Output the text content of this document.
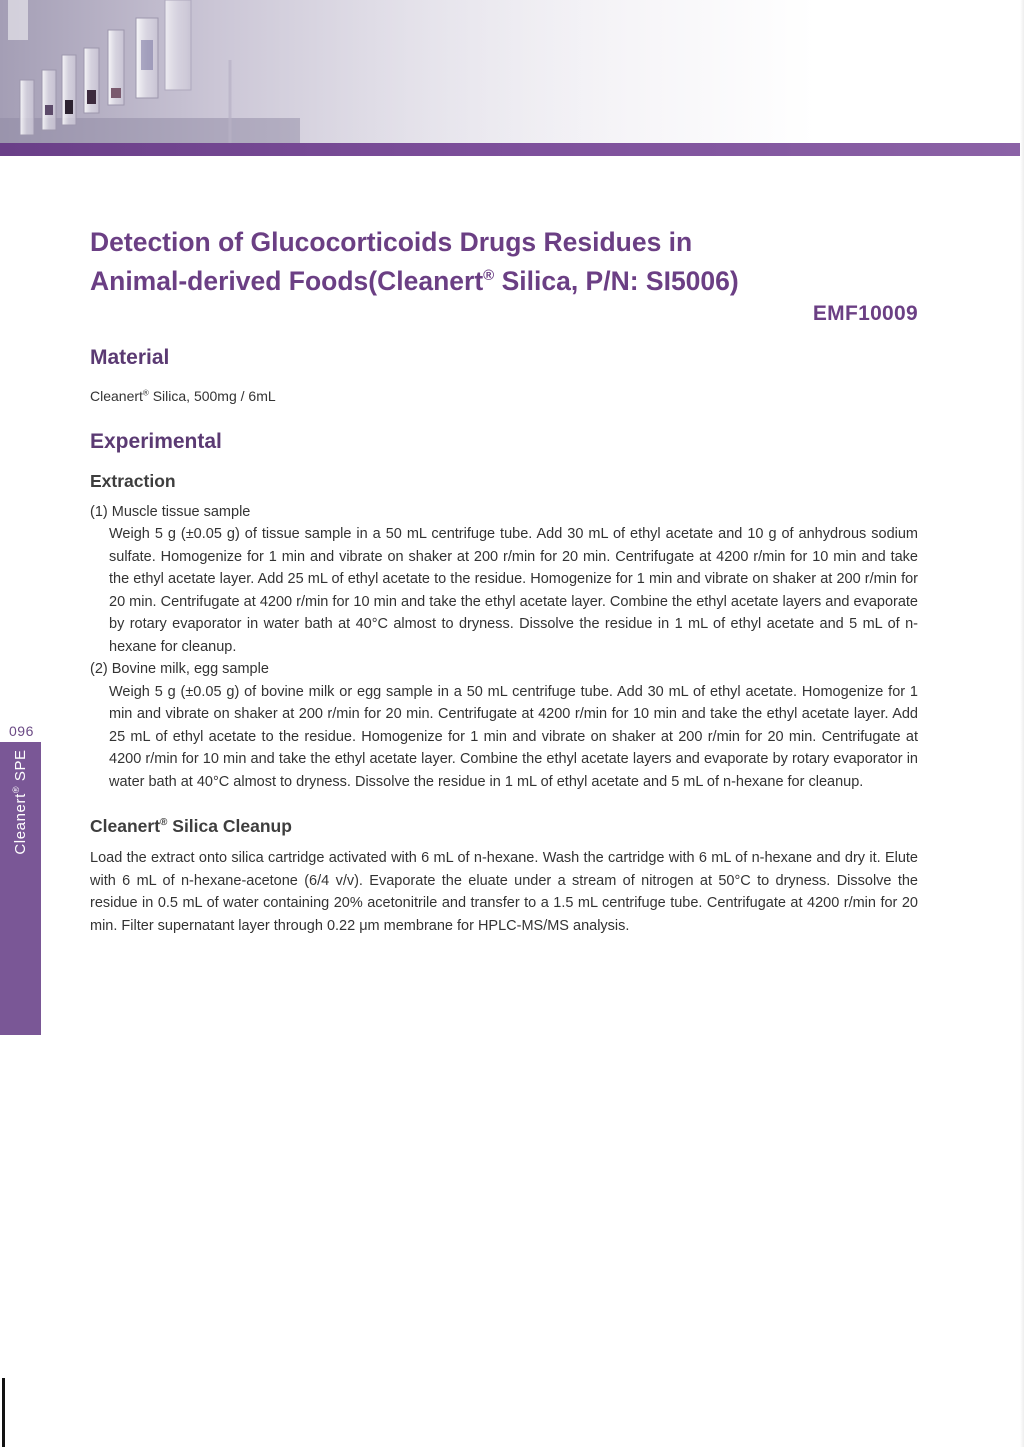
096
Cleanert® SPE
Detection of Glucocorticoids Drugs Residues in
Animal-derived Foods(Cleanert® Silica, P/N: SI5006)
EMF10009
Material
Cleanert® Silica, 500mg / 6mL
Experimental
Extraction
(1) Muscle tissue sample
Weigh 5 g (±0.05 g) of tissue sample in a 50 mL centrifuge tube. Add 30 mL of ethyl acetate and 10 g of anhydrous sodium sulfate. Homogenize for 1 min and vibrate on shaker at 200 r/min for 20 min. Centrifugate at 4200 r/min for 10 min and take the ethyl acetate layer. Add 25 mL of ethyl acetate to the residue. Homogenize for 1 min and vibrate on shaker at 200 r/min for 20 min. Centrifugate at 4200 r/min for 10 min and take the ethyl acetate layer. Combine the ethyl acetate layers and evaporate by rotary evaporator in water bath at 40°C almost to dryness. Dissolve the residue in 1 mL of ethyl acetate and 5 mL of n-hexane for cleanup.
(2) Bovine milk, egg sample
Weigh 5 g (±0.05 g) of bovine milk or egg sample in a 50 mL centrifuge tube. Add 30 mL of ethyl acetate. Homogenize for 1 min and vibrate on shaker at 200 r/min for 20 min. Centrifugate at 4200 r/min for 10 min and take the ethyl acetate layer. Add 25 mL of ethyl acetate to the residue. Homogenize for 1 min and vibrate on shaker at 200 r/min for 20 min. Centrifugate at 4200 r/min for 10 min and take the ethyl acetate layer. Combine the ethyl acetate layers and evaporate by rotary evaporator in water bath at 40°C almost to dryness. Dissolve the residue in 1 mL of ethyl acetate and 5 mL of n-hexane for cleanup.
Cleanert® Silica Cleanup
Load the extract onto silica cartridge activated with 6 mL of n-hexane. Wash the cartridge with 6 mL of n-hexane and dry it. Elute with 6 mL of n-hexane-acetone (6/4 v/v). Evaporate the eluate under a stream of nitrogen at 50°C to dryness. Dissolve the residue in 0.5 mL of water containing 20% acetonitrile and transfer to a 1.5 mL centrifuge tube. Centrifugate at 4200 r/min for 20 min. Filter supernatant layer through 0.22 μm membrane for HPLC-MS/MS analysis.
